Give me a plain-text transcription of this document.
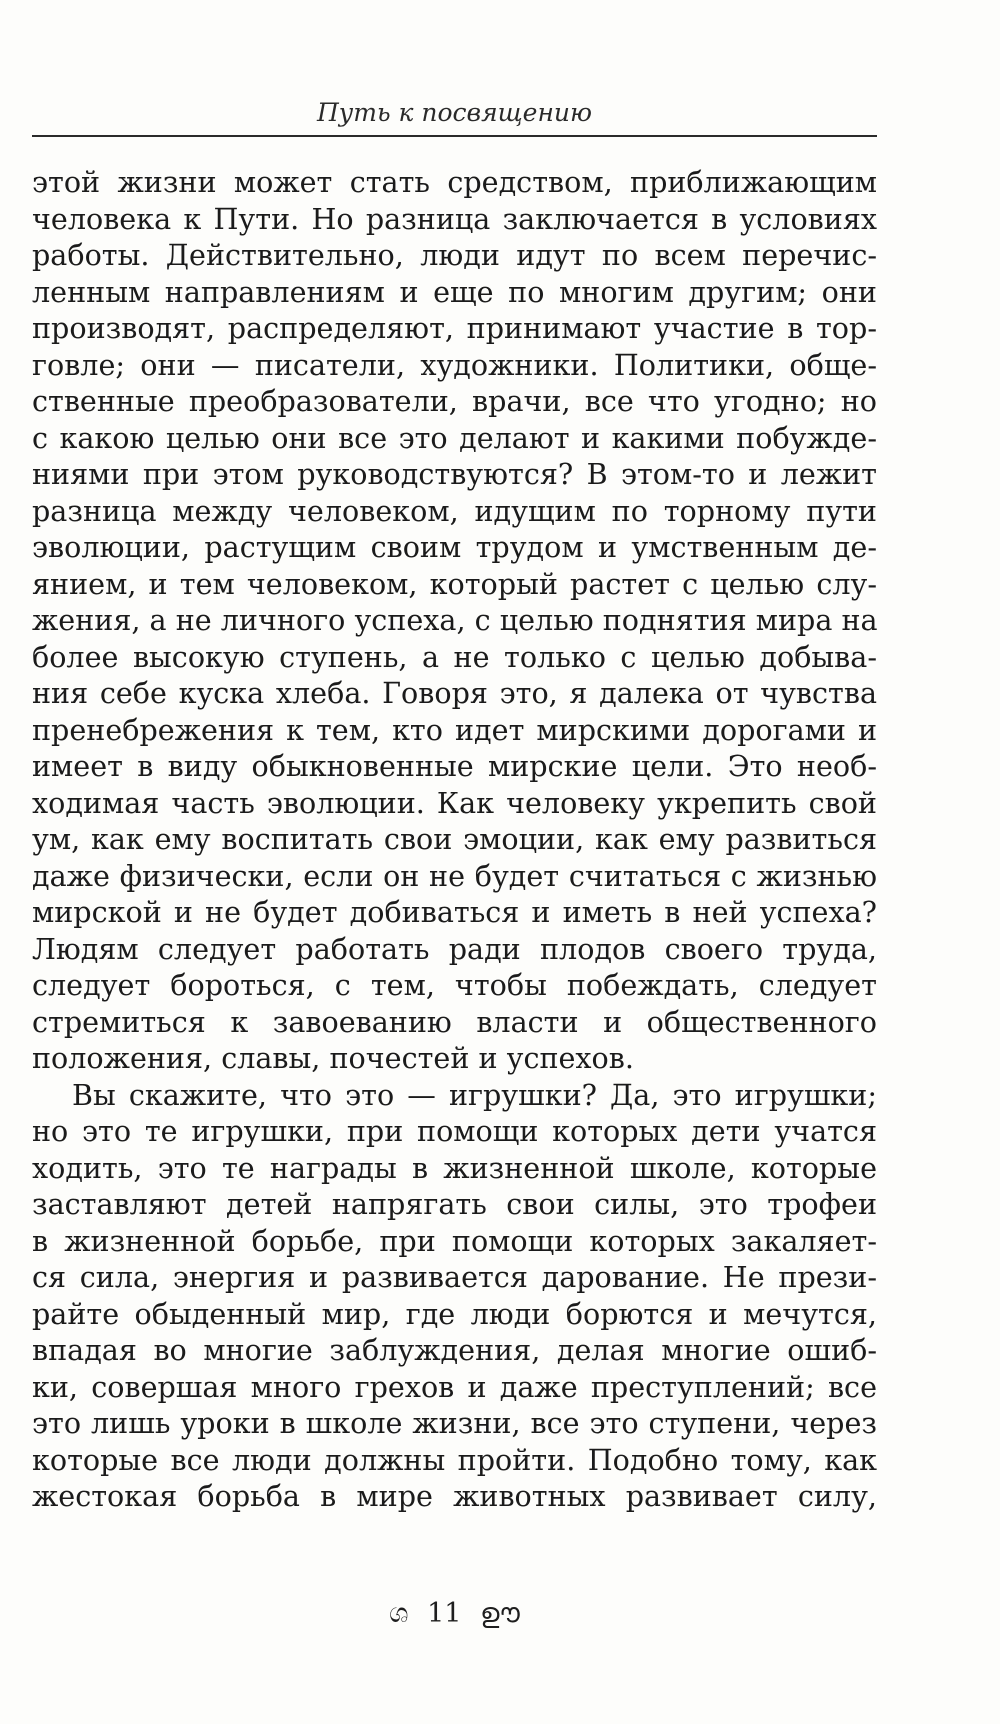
Путь к посвящению
этой жизни может стать средством, приближающим
человека к Пути. Но разница заключается в условиях
работы. Действительно, люди идут по всем перечис-
ленным направлениям и еще по многим другим; они
производят, распределяют, принимают участие в тор-
говле; они — писатели, художники. Политики, обще-
ственные преобразователи, врачи, все что угодно; но
с какою целью они все это делают и какими побужде-
ниями при этом руководствуются? В этом-то и лежит
разница между человеком, идущим по торному пути
эволюции, растущим своим трудом и умственным де-
янием, и тем человеком, который растет с целью слу-
жения, а не личного успеха, с целью поднятия мира на
более высокую ступень, а не только с целью добыва-
ния себе куска хлеба. Говоря это, я далека от чувства
пренебрежения к тем, кто идет мирскими дорогами и
имеет в виду обыкновенные мирские цели. Это необ-
ходимая часть эволюции. Как человеку укрепить свой
ум, как ему воспитать свои эмоции, как ему развиться
даже физически, если он не будет считаться с жизнью
мирской и не будет добиваться и иметь в ней успеха?
Людям следует работать ради плодов своего труда,
следует бороться, с тем, чтобы побеждать, следует
стремиться к завоеванию власти и общественного
положения, славы, почестей и успехов.
Вы скажите, что это — игрушки? Да, это игрушки;
но это те игрушки, при помощи которых дети учатся
ходить, это те награды в жизненной школе, которые
заставляют детей напрягать свои силы, это трофеи
в жизненной борьбе, при помощи которых закаляет-
ся сила, энергия и развивается дарование. Не прези-
райте обыденный мир, где люди борются и мечутся,
впадая во многие заблуждения, делая многие ошиб-
ки, совершая много грехов и даже преступлений; все
это лишь уроки в школе жизни, все это ступени, через
которые все люди должны пройти. Подобно тому, как
жестокая борьба в мире животных развивает силу,
ශ 11 ഊ
